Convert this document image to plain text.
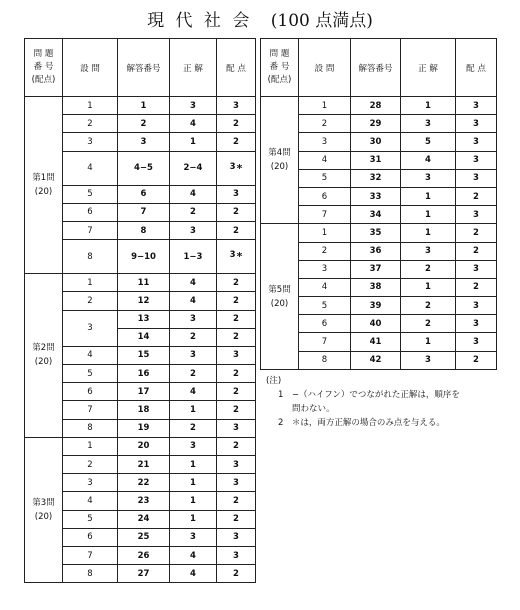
現 代 社 会 (100 点満点)
問 題
番 号
(配点)	設 問	解答番号	正 解	配 点

第1問
(20)	1	1	3	3
	2	2	4	2
	3	3	1	2
	4	4−5	2−4	3*
	5	6	4	3
	6	7	2	2
	7	8	3	2
	8	9−10	1−3	3*

第2問
(20)	1	11	4	2
	2	12	4	2
	3	13	3	2
		14	2	2
	4	15	3	3
	5	16	2	2
	6	17	4	2
	7	18	1	2
	8	19	2	3

第3問
(20)	1	20	3	2
	2	21	1	3
	3	22	1	3
	4	23	1	2
	5	24	1	2
	6	25	3	3
	7	26	4	3
	8	27	4	2
問 題
番 号
(配点)	設 問	解答番号	正 解	配 点

第4問
(20)	1	28	1	3
	2	29	3	3
	3	30	5	3
	4	31	4	3
	5	32	3	3
	6	33	1	2
	7	34	1	3

第5問
(20)	1	35	1	2
	2	36	3	2
	3	37	2	3
	4	38	1	2
	5	39	2	3
	6	40	2	3
	7	41	1	3
	8	42	3	2
(注)
1　−（ハイフン）でつながれた正解は，順序を
問わない。
2　＊は，両方正解の場合のみ点を与える。
